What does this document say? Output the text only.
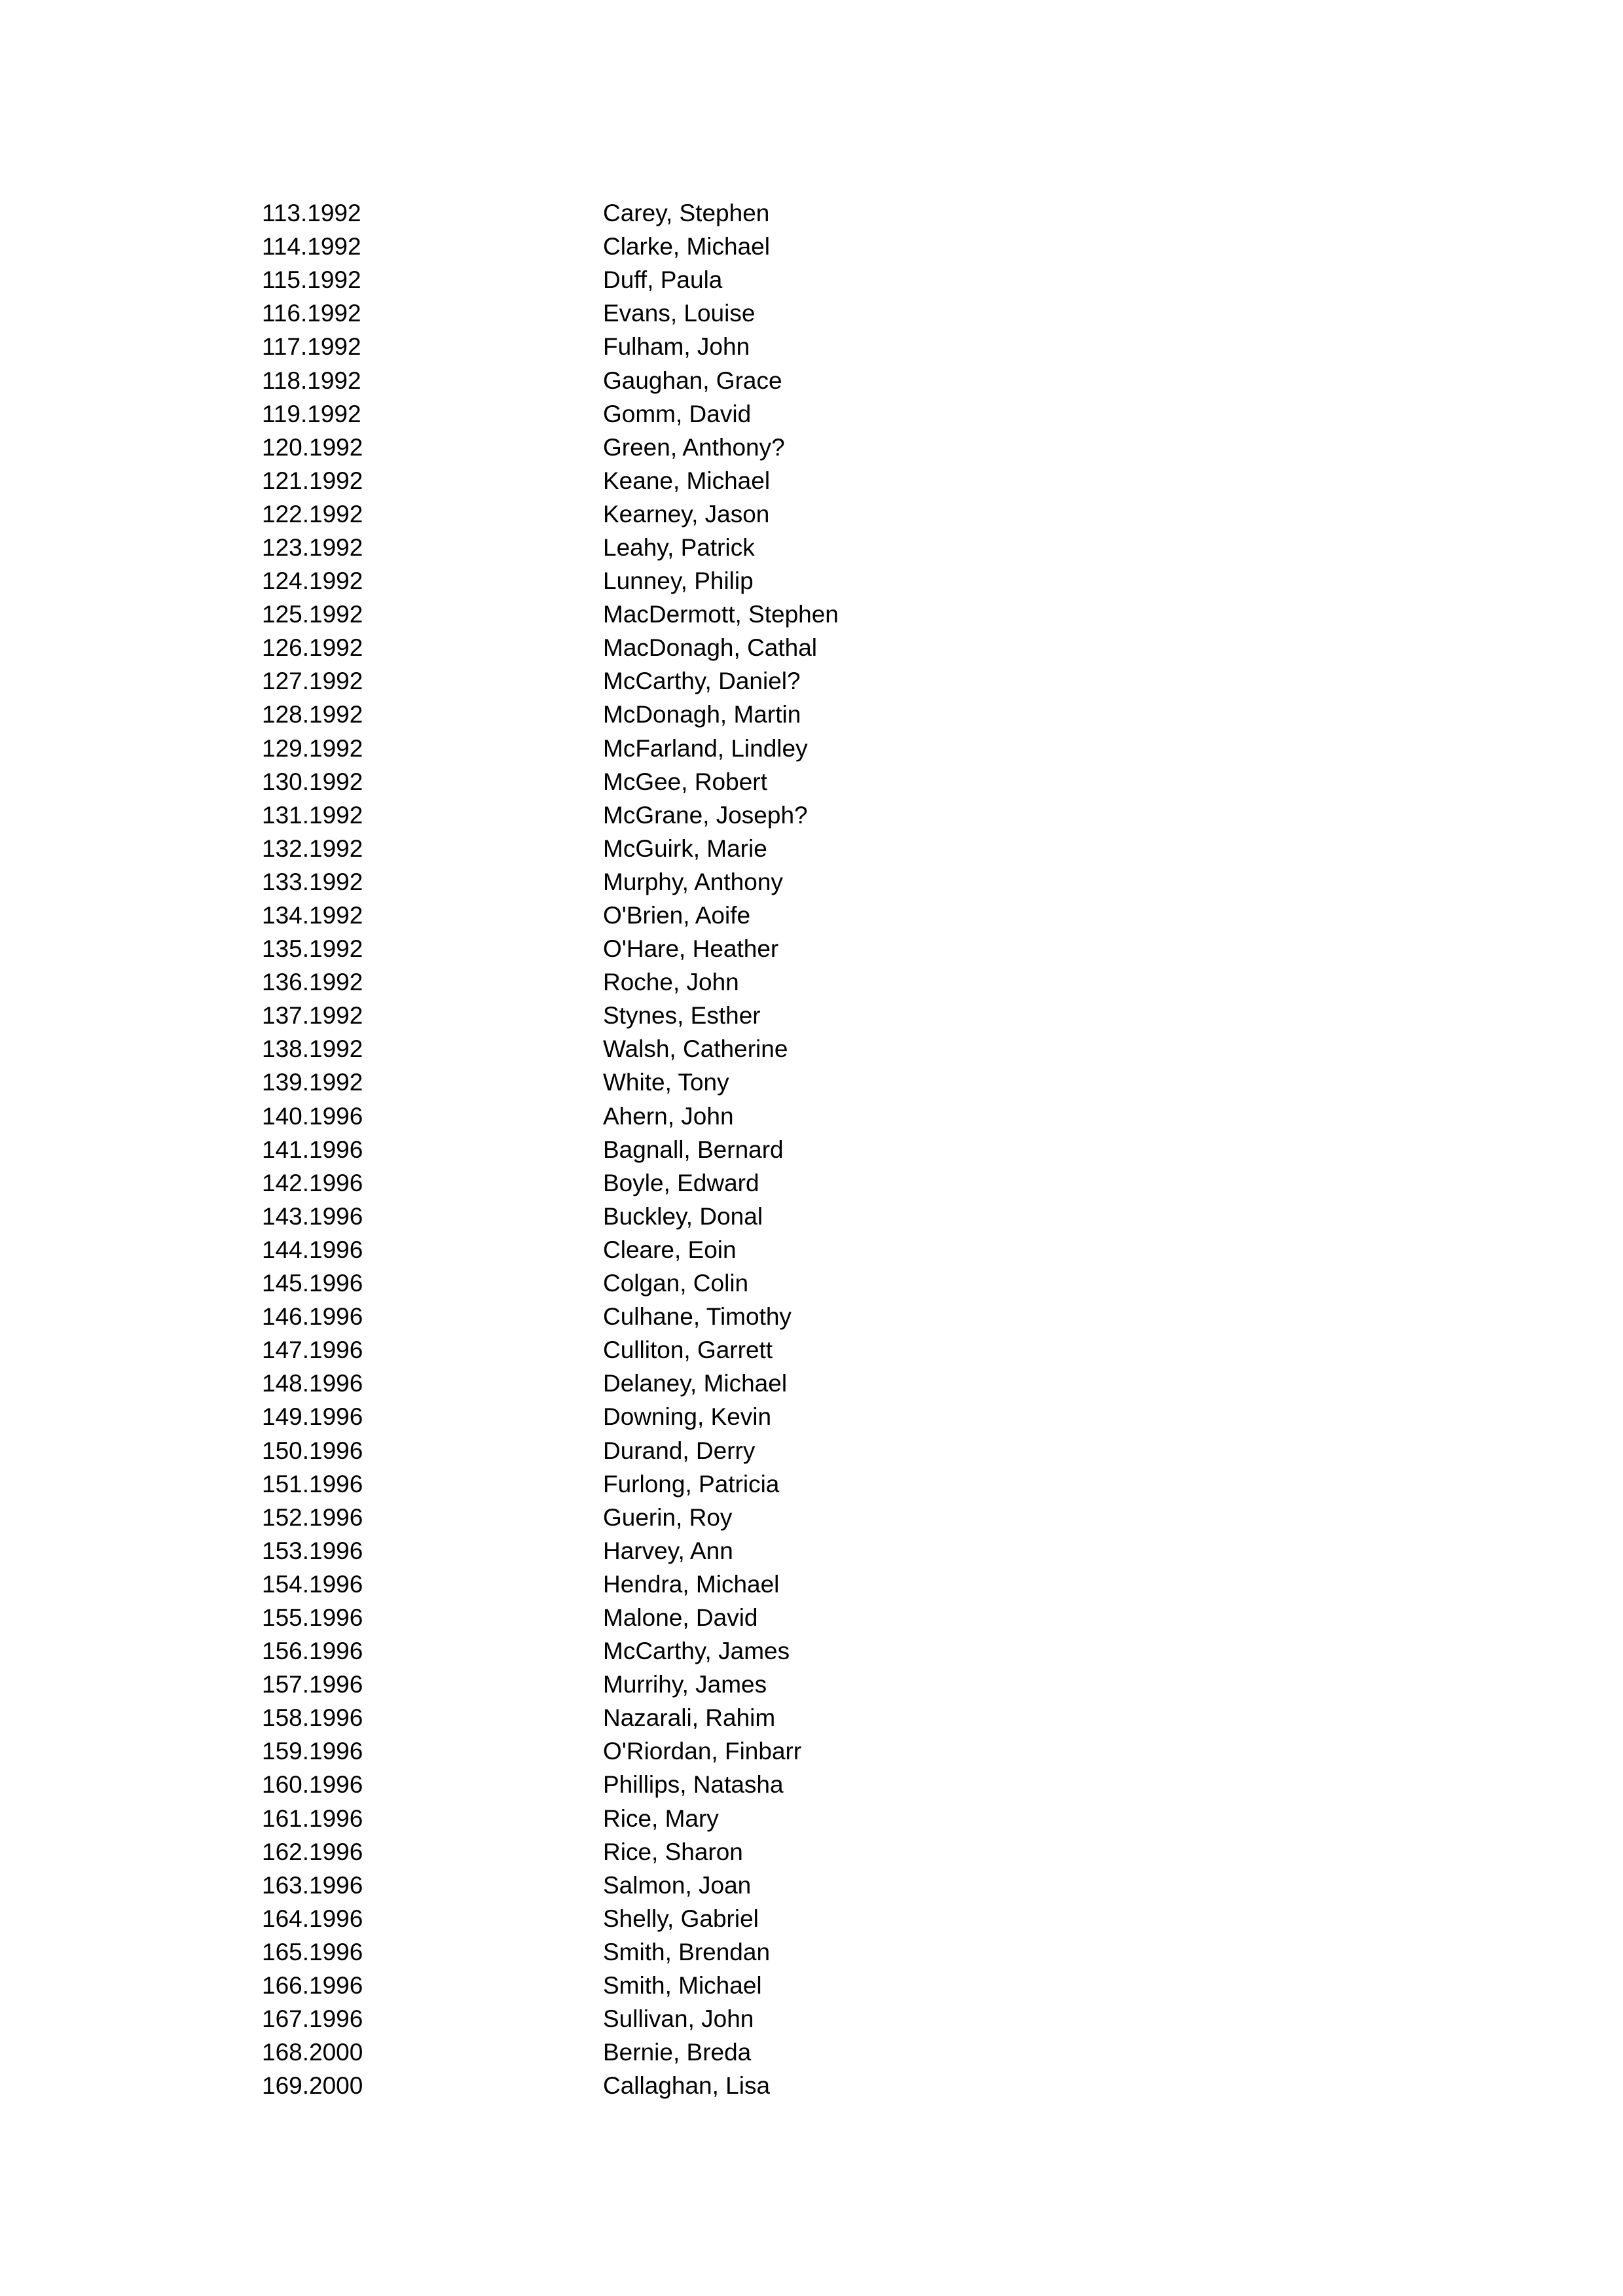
113.1992	Carey, Stephen
114.1992	Clarke, Michael
115.1992	Duff, Paula
116.1992	Evans, Louise
117.1992	Fulham, John
118.1992	Gaughan, Grace
119.1992	Gomm, David
120.1992	Green, Anthony?
121.1992	Keane, Michael
122.1992	Kearney, Jason
123.1992	Leahy, Patrick
124.1992	Lunney, Philip
125.1992	MacDermott, Stephen
126.1992	MacDonagh, Cathal
127.1992	McCarthy, Daniel?
128.1992	McDonagh, Martin
129.1992	McFarland, Lindley
130.1992	McGee, Robert
131.1992	McGrane, Joseph?
132.1992	McGuirk, Marie
133.1992	Murphy, Anthony
134.1992	O'Brien, Aoife
135.1992	O'Hare, Heather
136.1992	Roche, John
137.1992	Stynes, Esther
138.1992	Walsh, Catherine
139.1992	White, Tony
140.1996	Ahern, John
141.1996	Bagnall, Bernard
142.1996	Boyle, Edward
143.1996	Buckley, Donal
144.1996	Cleare, Eoin
145.1996	Colgan, Colin
146.1996	Culhane, Timothy
147.1996	Culliton, Garrett
148.1996	Delaney, Michael
149.1996	Downing, Kevin
150.1996	Durand, Derry
151.1996	Furlong, Patricia
152.1996	Guerin, Roy
153.1996	Harvey, Ann
154.1996	Hendra, Michael
155.1996	Malone, David
156.1996	McCarthy, James
157.1996	Murrihy, James
158.1996	Nazarali, Rahim
159.1996	O'Riordan, Finbarr
160.1996	Phillips, Natasha
161.1996	Rice, Mary
162.1996	Rice, Sharon
163.1996	Salmon, Joan
164.1996	Shelly, Gabriel
165.1996	Smith, Brendan
166.1996	Smith, Michael
167.1996	Sullivan, John
168.2000	Bernie, Breda
169.2000	Callaghan, Lisa
